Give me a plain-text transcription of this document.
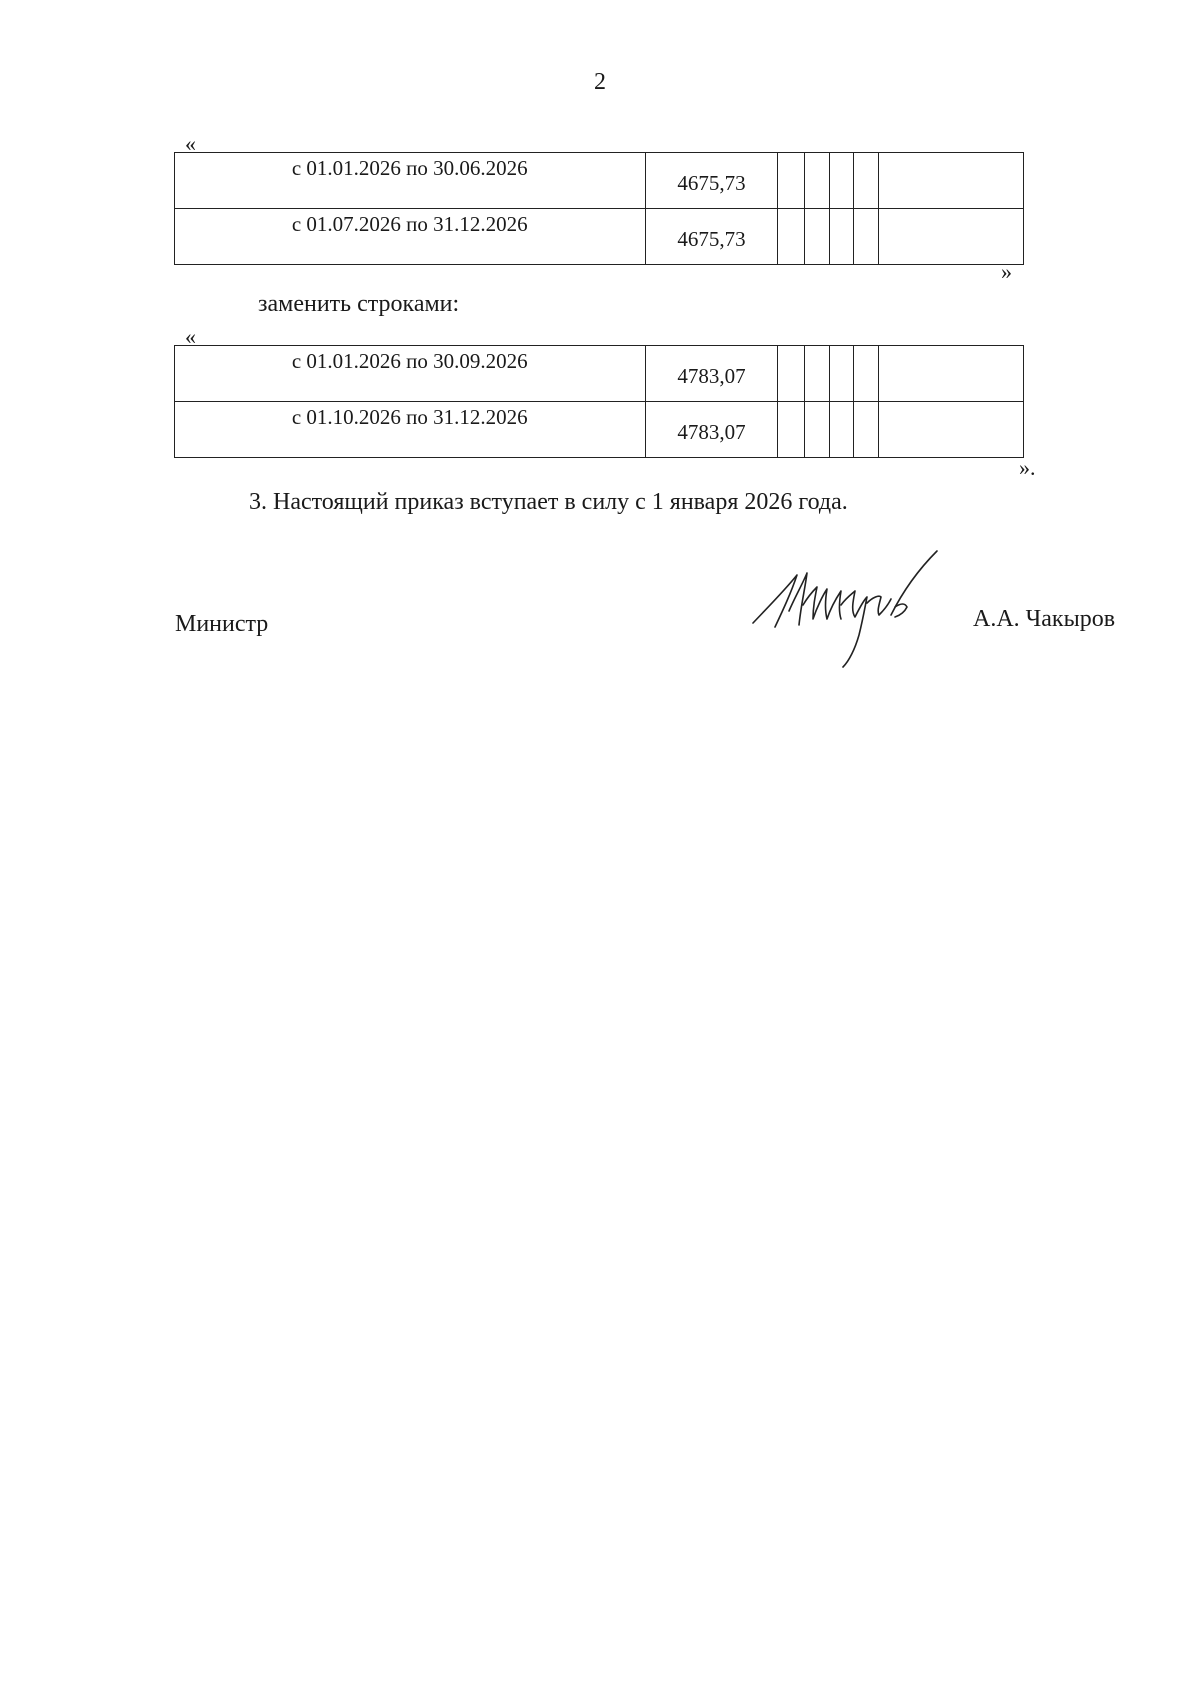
2
«
с 01.01.2026 по 30.06.2026	4675,73					
с 01.07.2026 по 31.12.2026	4675,73					
»
заменить строками:
«
с 01.01.2026 по 30.09.2026	4783,07					
с 01.10.2026 по 31.12.2026	4783,07					
».
3. Настоящий приказ вступает в силу с 1 января 2026 года.
Министр	А.А. Чакыров
